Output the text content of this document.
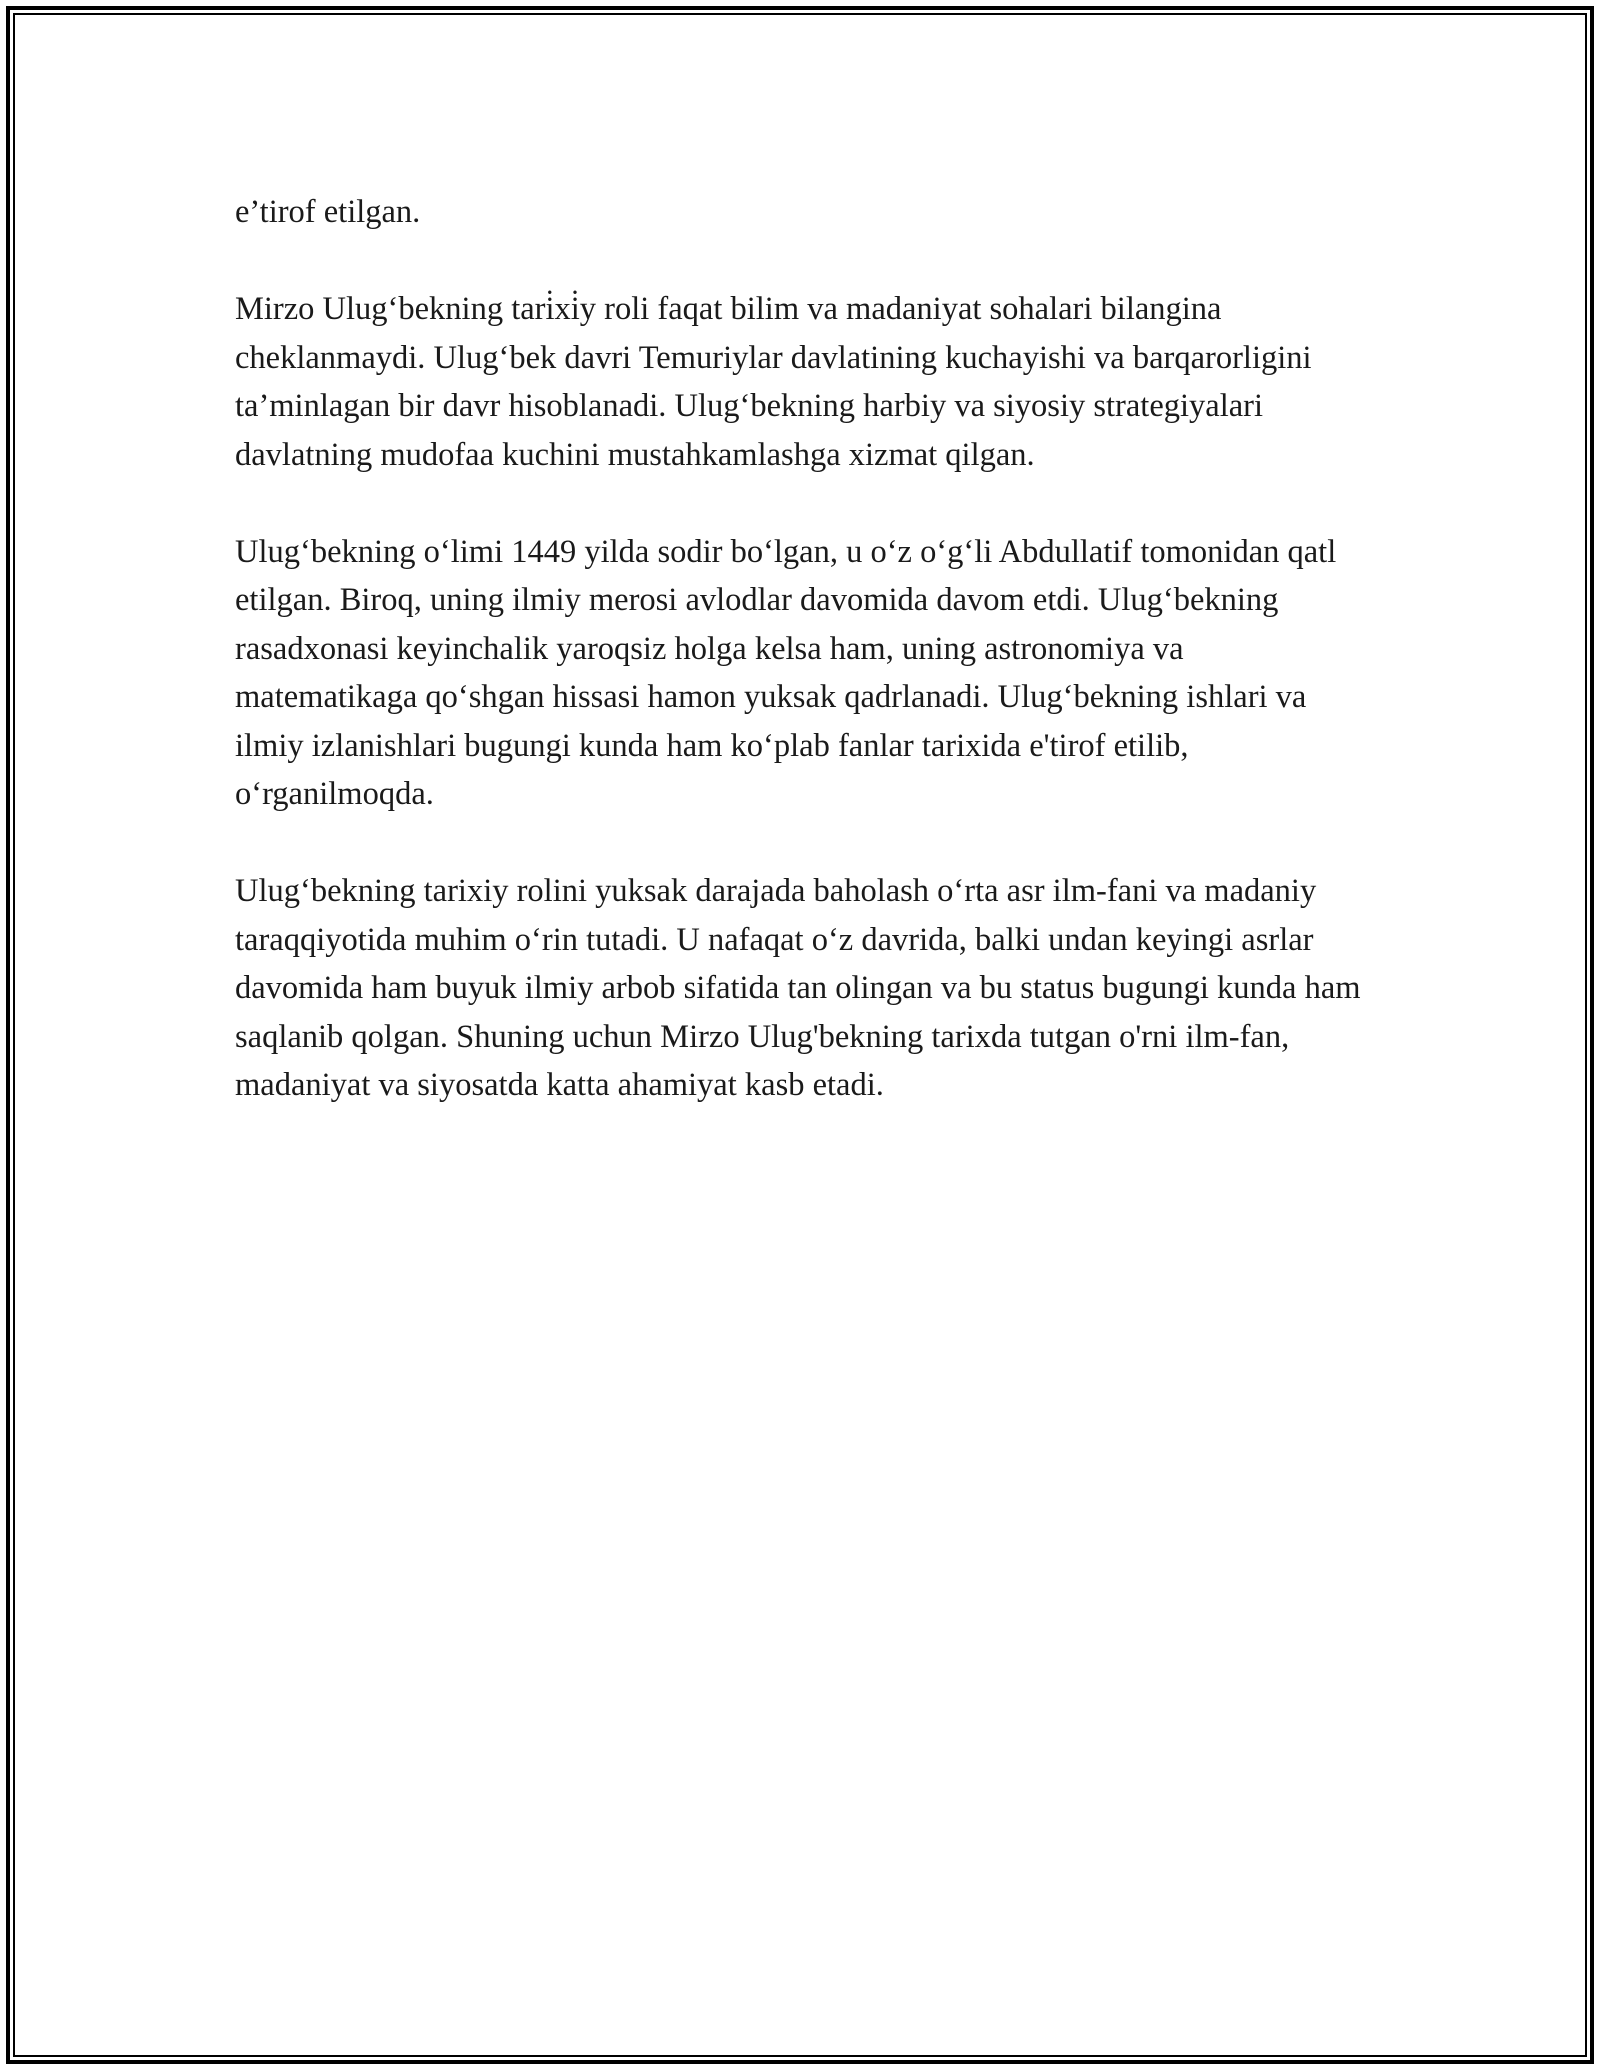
e’tirof etilgan.

Mirzo Ulug‘bekning tari̇xi̇y roli faqat bilim va madaniyat sohalari bilangina cheklanmaydi. Ulug‘bek davri Temuriylar davlatining kuchayishi va barqarorligini ta’minlagan bir davr hisoblanadi. Ulug‘bekning harbiy va siyosiy strategiyalari davlatning mudofaa kuchini mustahkamlashga xizmat qilgan.

Ulug‘bekning o‘limi 1449 yilda sodir bo‘lgan, u o‘z o‘g‘li Abdullatif tomonidan qatl etilgan. Biroq, uning ilmiy merosi avlodlar davomida davom etdi. Ulug‘bekning rasadxonasi keyinchalik yaroqsiz holga kelsa ham, uning astronomiya va matematikaga qo‘shgan hissasi hamon yuksak qadrlanadi. Ulug‘bekning ishlari va ilmiy izlanishlari bugungi kunda ham ko‘plab fanlar tarixida e'tirof etilib, o‘rganilmoqda.

Ulug‘bekning tarixiy rolini yuksak darajada baholash o‘rta asr ilm-fani va madaniy taraqqiyotida muhim o‘rin tutadi. U nafaqat o‘z davrida, balki undan keyingi asrlar davomida ham buyuk ilmiy arbob sifatida tan olingan va bu status bugungi kunda ham saqlanib qolgan. Shuning uchun Mirzo Ulug'bekning tarixda tutgan o'rni ilm-fan, madaniyat va siyosatda katta ahamiyat kasb etadi.
